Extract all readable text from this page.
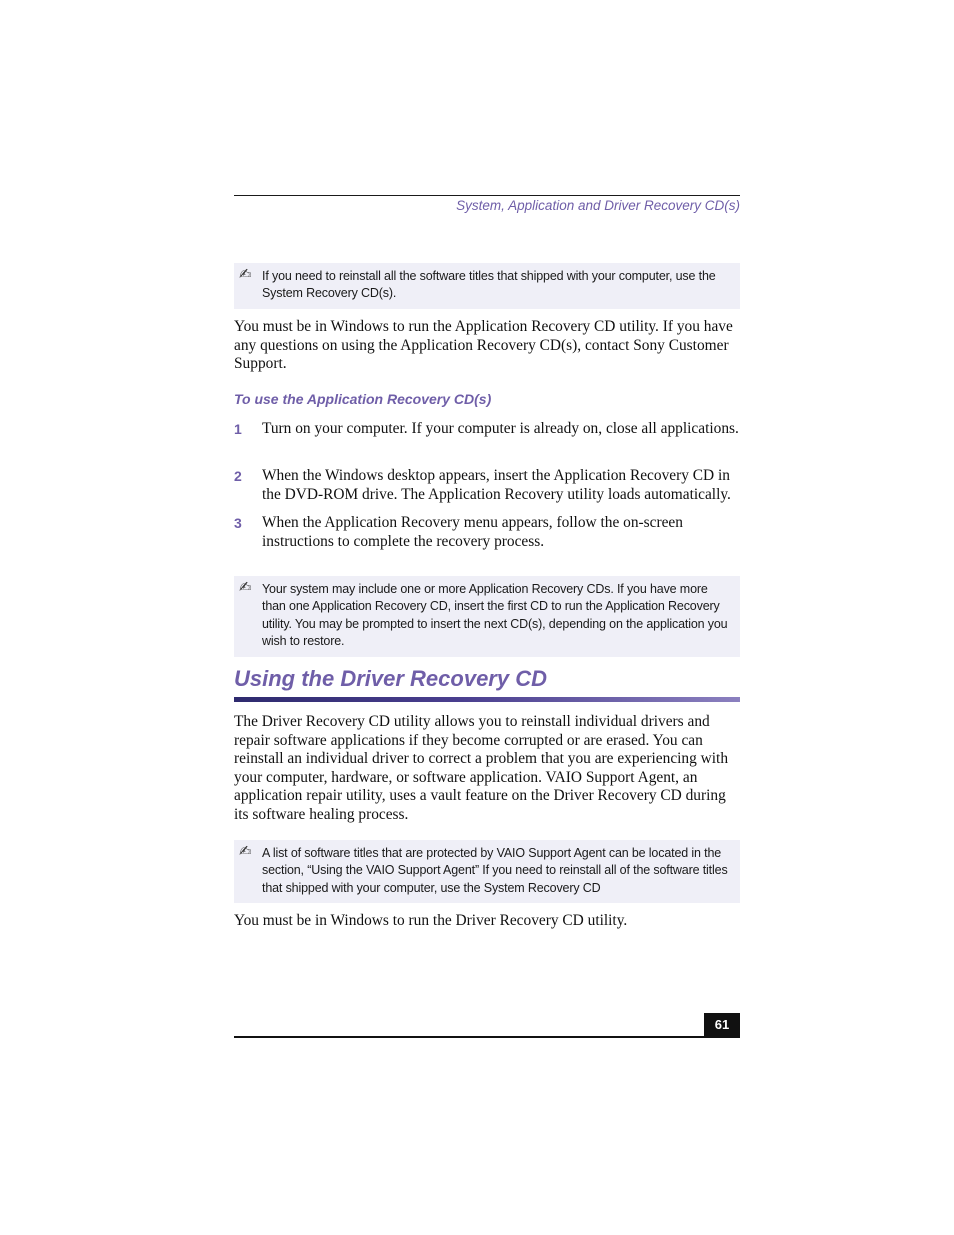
System, Application and Driver Recovery CD(s)
✍ If you need to reinstall all the software titles that shipped with your computer, use the System Recovery CD(s).
You must be in Windows to run the Application Recovery CD utility. If you have any questions on using the Application Recovery CD(s), contact Sony Customer Support.
To use the Application Recovery CD(s)
1 Turn on your computer. If your computer is already on, close all applications.
2 When the Windows desktop appears, insert the Application Recovery CD in the DVD-ROM drive. The Application Recovery utility loads automatically.
3 When the Application Recovery menu appears, follow the on-screen instructions to complete the recovery process.
✍ Your system may include one or more Application Recovery CDs. If you have more than one Application Recovery CD, insert the first CD to run the Application Recovery utility. You may be prompted to insert the next CD(s), depending on the application you wish to restore.
Using the Driver Recovery CD
The Driver Recovery CD utility allows you to reinstall individual drivers and repair software applications if they become corrupted or are erased. You can reinstall an individual driver to correct a problem that you are experiencing with your computer, hardware, or software application. VAIO Support Agent, an application repair utility, uses a vault feature on the Driver Recovery CD during its software healing process.
✍ A list of software titles that are protected by VAIO Support Agent can be located in the section, “Using the VAIO Support Agent” If you need to reinstall all of the software titles that shipped with your computer, use the System Recovery CD
You must be in Windows to run the Driver Recovery CD utility.
61
